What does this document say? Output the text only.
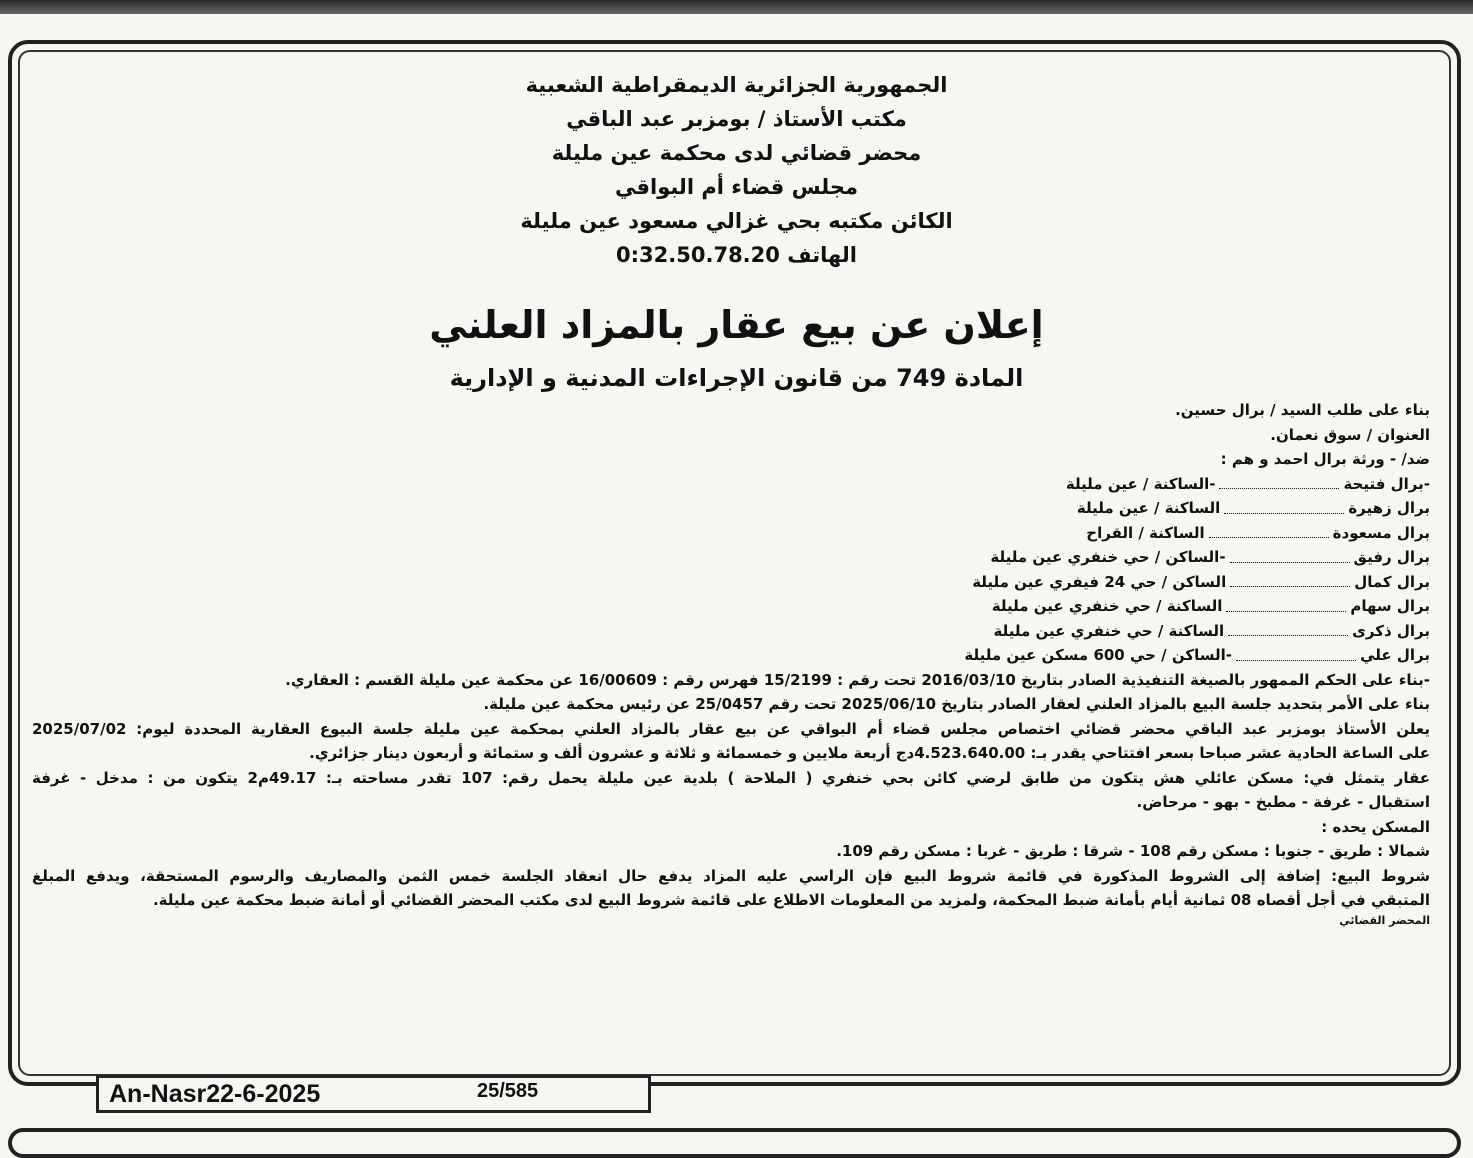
الجمهورية الجزائرية الديمقراطية الشعبية
مكتب الأستاذ / بومزبر عبد الباقي
محضر قضائي لدى محكمة عين مليلة
مجلس قضاء أم البواقي
الكائن مكتبه بحي غزالي مسعود عين مليلة
الهاتف 0:32.50.78.20
إعلان عن بيع عقار بالمزاد العلني
المادة 749 من قانون الإجراءات المدنية و الإدارية
بناء على طلب السيد / برال حسين.
العنوان / سوق نعمان.
ضد/ - ورثة برال احمد و هم :
-برال فتيحة
-الساكنة / عين مليلة
برال زهيرة
الساكنة / عين مليلة
برال مسعودة
الساكنة / القراح
برال رفيق
-الساكن / حي خنفري عين مليلة
برال كمال
الساكن / حي 24 فيفري عين مليلة
برال سهام
الساكنة / حي خنفري عين مليلة
برال ذكرى
الساكنة / حي خنفري عين مليلة
برال علي
-الساكن / حي 600 مسكن عين مليلة
-بناء على الحكم الممهور بالصيغة التنفيذية الصادر بتاريخ 2016/03/10 تحت رقم : 15/2199 فهرس رقم : 16/00609 عن محكمة عين مليلة القسم : العقاري.
بناء على الأمر بتحديد جلسة البيع بالمزاد العلني لعقار الصادر بتاريخ 2025/06/10 تحت رقم 25/0457 عن رئيس محكمة عين مليلة.
يعلن الأستاذ بومزبر عبد الباقي محضر قضائي اختصاص مجلس قضاء أم البواقي عن بيع عقار بالمزاد العلني بمحكمة عين مليلة جلسة البيوع العقارية المحددة ليوم: 2025/07/02
على الساعة الحادية عشر صباحا بسعر افتتاحي يقدر بـ: 4.523.640.00دج أربعة ملايين و خمسمائة و ثلاثة و عشرون ألف و ستمائة و أربعون دينار جزائري.
عقار يتمثل في: مسكن عائلي هش يتكون من طابق لرضي كائن بحي خنفري ( الملاحة ) بلدية عين مليلة يحمل رقم: 107 تقدر مساحته بـ: 49.17م2 يتكون من : مدخل - غرفة
استقبال - غرفة - مطبخ - بهو - مرحاض.
المسكن يحده :
شمالا : طريق - جنوبا : مسكن رقم 108 - شرقا : طريق - غربا : مسكن رقم 109.
شروط البيع: إضافة إلى الشروط المذكورة في قائمة شروط البيع فإن الراسي عليه المزاد يدفع حال انعقاد الجلسة خمس الثمن والمصاريف والرسوم المستحقة، ويدفع المبلغ
المتبقي في أجل أقصاه 08 ثمانية أيام بأمانة ضبط المحكمة، ولمزيد من المعلومات الاطلاع على قائمة شروط البيع لدى مكتب المحضر القضائي أو أمانة ضبط محكمة عين مليلة.
المحضر القضائي
An-Nasr22-6-2025	25/585
